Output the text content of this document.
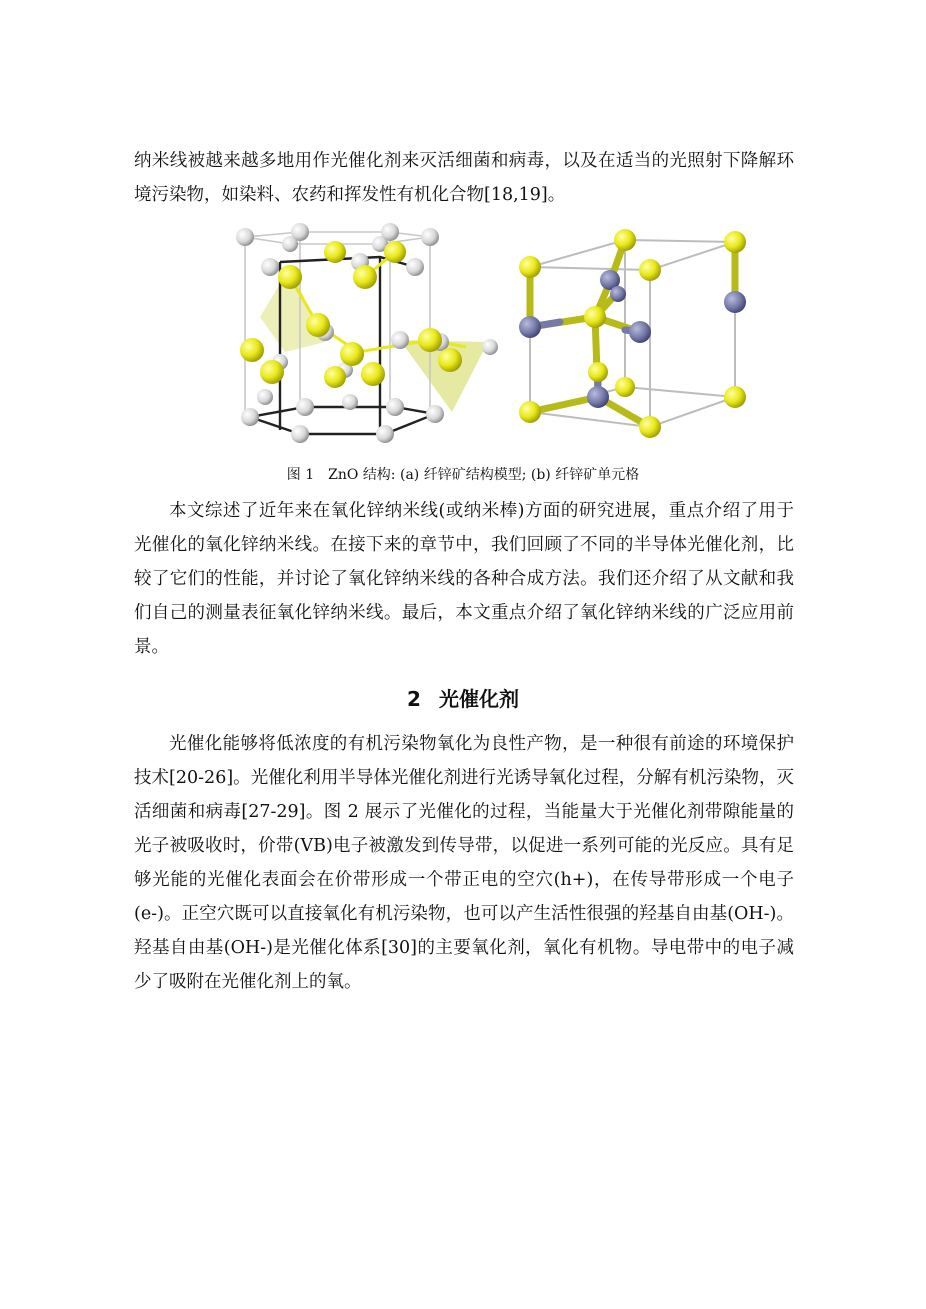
纳米线被越来越多地用作光催化剂来灭活细菌和病毒，以及在适当的光照射下降解环境污染物，如染料、农药和挥发性有机化合物[18,19]。

图 1 ZnO 结构: (a) 纤锌矿结构模型; (b) 纤锌矿单元格

本文综述了近年来在氧化锌纳米线(或纳米棒)方面的研究进展，重点介绍了用于光催化的氧化锌纳米线。在接下来的章节中，我们回顾了不同的半导体光催化剂，比较了它们的性能，并讨论了氧化锌纳米线的各种合成方法。我们还介绍了从文献和我们自己的测量表征氧化锌纳米线。最后，本文重点介绍了氧化锌纳米线的广泛应用前景。

2 光催化剂

光催化能够将低浓度的有机污染物氧化为良性产物，是一种很有前途的环境保护技术[20-26]。光催化利用半导体光催化剂进行光诱导氧化过程，分解有机污染物，灭活细菌和病毒[27-29]。图 2 展示了光催化的过程，当能量大于光催化剂带隙能量的光子被吸收时，价带(VB)电子被激发到传导带，以促进一系列可能的光反应。具有足够光能的光催化表面会在价带形成一个带正电的空穴(h+)，在传导带形成一个电子(e-)。正空穴既可以直接氧化有机污染物，也可以产生活性很强的羟基自由基(OH-)。羟基自由基(OH-)是光催化体系[30]的主要氧化剂，氧化有机物。导电带中的电子减少了吸附在光催化剂上的氧。
